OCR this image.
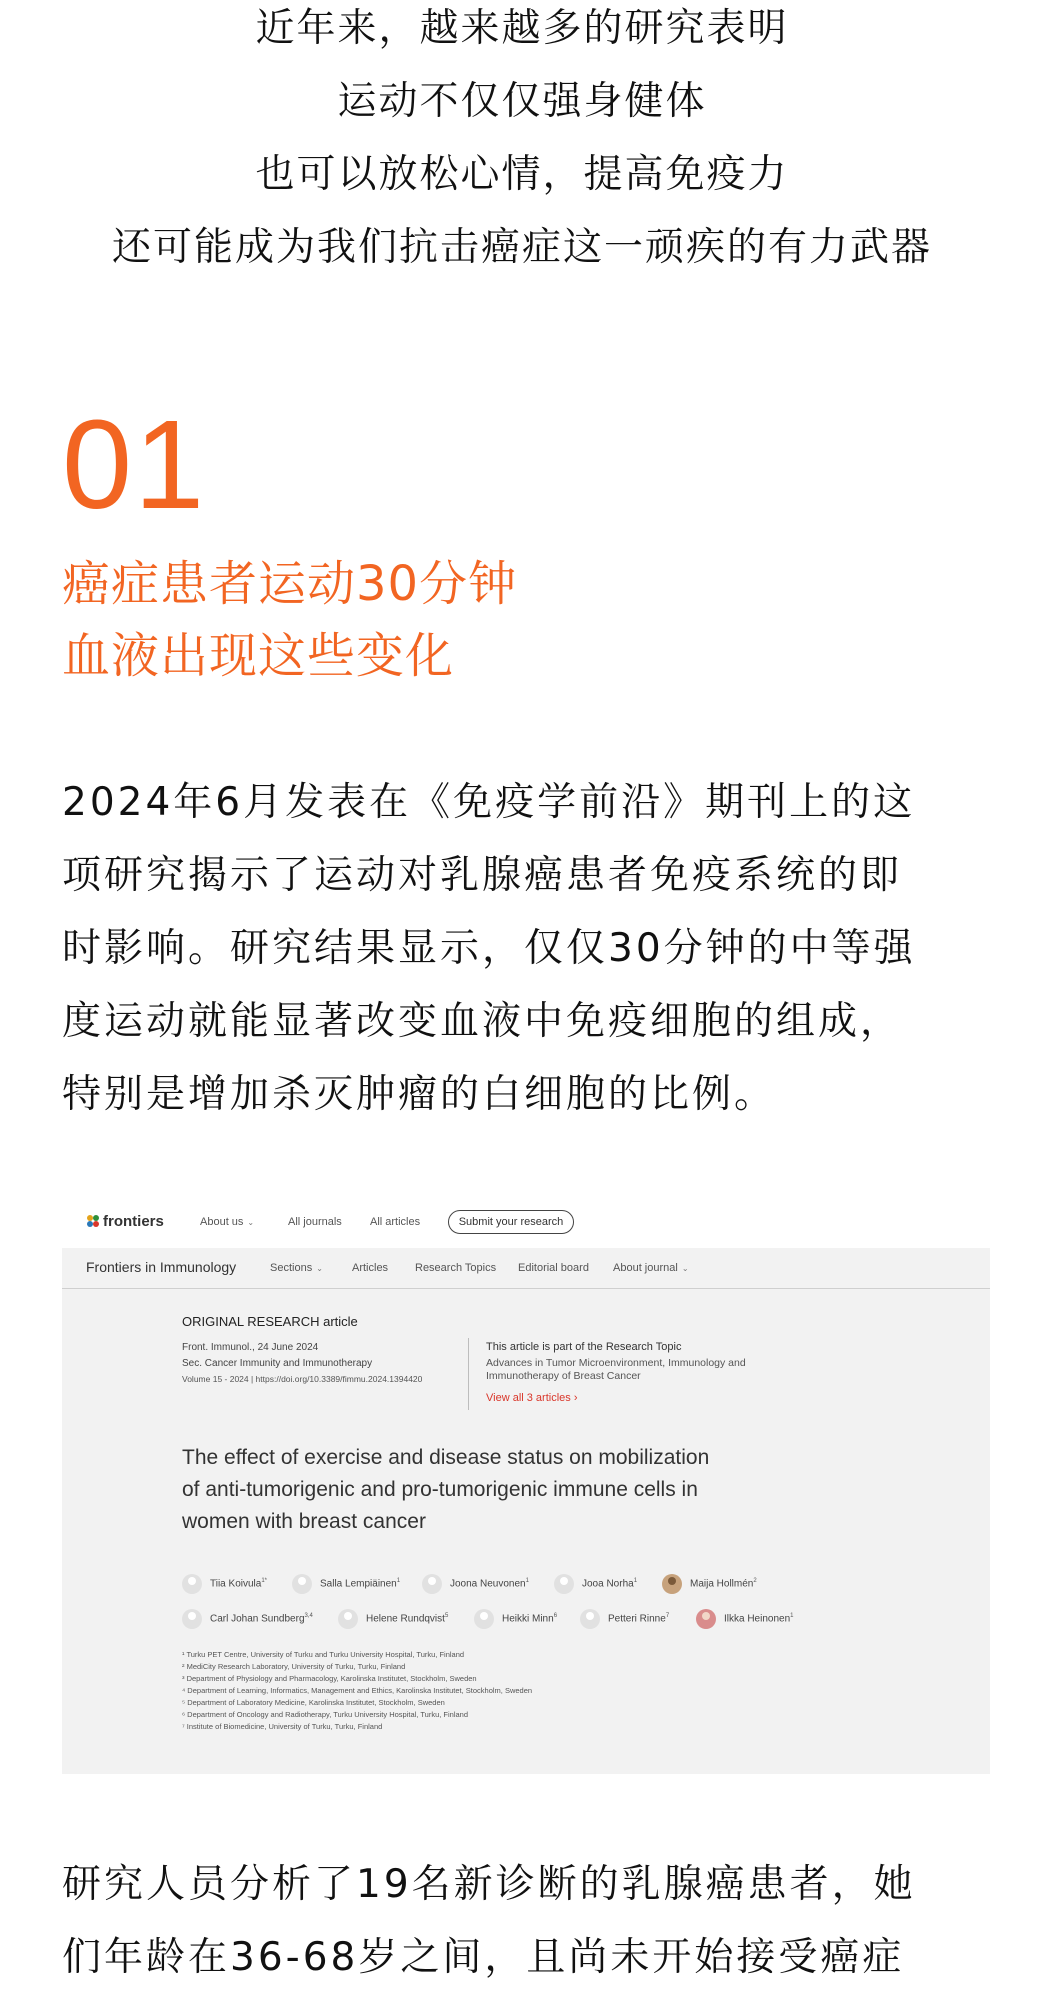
近年来，越来越多的研究表明
运动不仅仅强身健体
也可以放松心情，提高免疫力
还可能成为我们抗击癌症这一顽疾的有力武器
01
癌症患者运动30分钟
血液出现这些变化
2024年6月发表在《免疫学前沿》期刊上的这
项研究揭示了运动对乳腺癌患者免疫系统的即
时影响。研究结果显示，仅仅30分钟的中等强
度运动就能显著改变血液中免疫细胞的组成，
特别是增加杀灭肿瘤的白细胞的比例。
frontiers	About us ⌄	All journals	All articles	Submit your research
Frontiers in Immunology	Sections ⌄	Articles Research Topics Editorial board About journal ⌄
ORIGINAL RESEARCH article
Front. Immunol., 24 June 2024
Sec. Cancer Immunity and Immunotherapy
Volume 15 - 2024 | https://doi.org/10.3389/fimmu.2024.1394420
This article is part of the Research Topic
Advances in Tumor Microenvironment, Immunology and Immunotherapy of Breast Cancer
View all 3 articles ›
The effect of exercise and disease status on mobilization
of anti-tumorigenic and pro-tumorigenic immune cells in
women with breast cancer
Tiia Koivula$^{1*}$	Salla Lempiäinen$^1$	Joona Neuvonen$^1$	Jooa Norha$^1$	Maija Hollmén$^2$
Carl Johan Sundberg$^{3,4}$	Helene Rundqvist$^5$	Heikki Minn$^6$	Petteri Rinne$^7$	Ilkka Heinonen$^1$
¹ Turku PET Centre, University of Turku and Turku University Hospital, Turku, Finland
² MediCity Research Laboratory, University of Turku, Turku, Finland
³ Department of Physiology and Pharmacology, Karolinska Institutet, Stockholm, Sweden
⁴ Department of Learning, Informatics, Management and Ethics, Karolinska Institutet, Stockholm, Sweden
⁵ Department of Laboratory Medicine, Karolinska Institutet, Stockholm, Sweden
⁶ Department of Oncology and Radiotherapy, Turku University Hospital, Turku, Finland
⁷ Institute of Biomedicine, University of Turku, Turku, Finland
研究人员分析了19名新诊断的乳腺癌患者，她
们年龄在36-68岁之间，且尚未开始接受癌症
